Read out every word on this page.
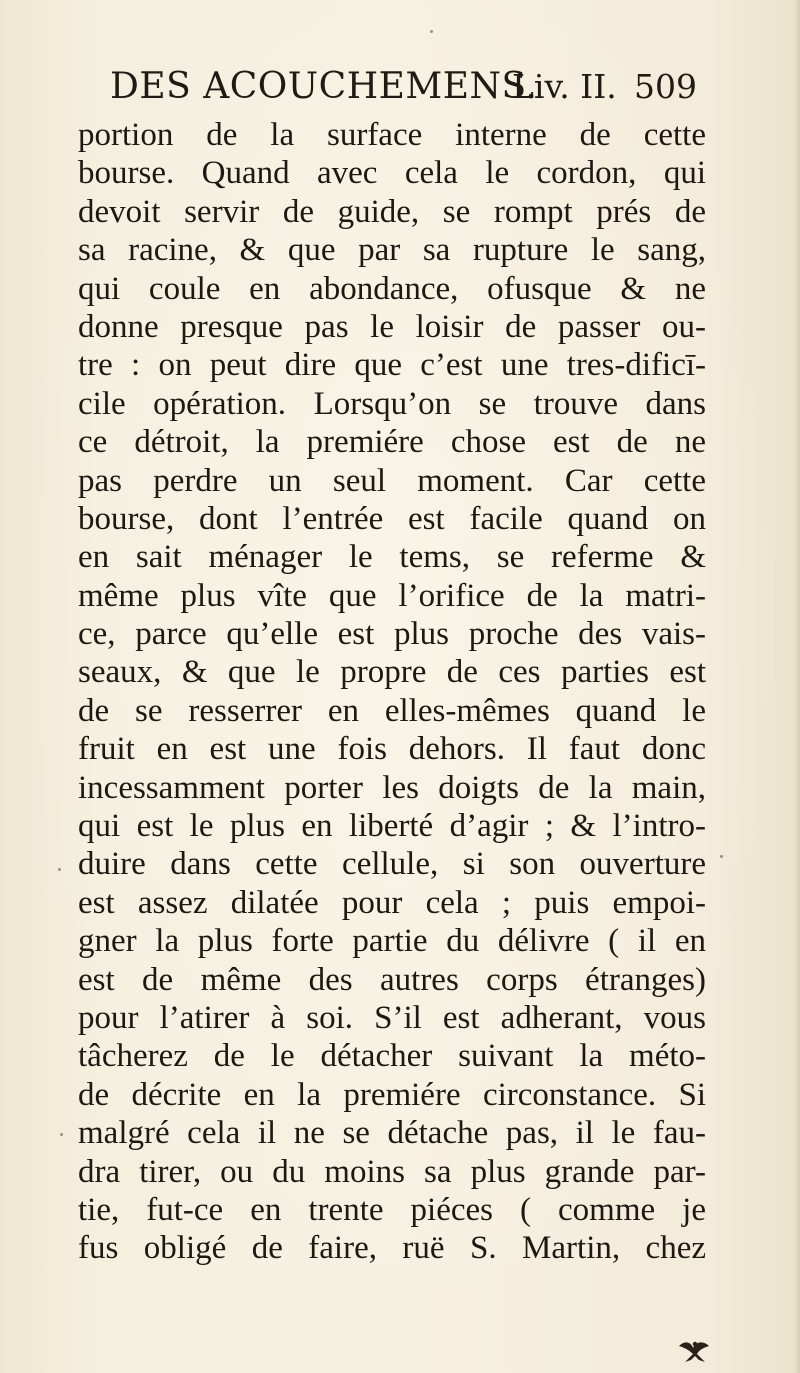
DES ACOUCHEMENS.
Liv. II. 509
portion de la surface interne de cette
bourse. Quand avec cela le cordon, qui
devoit servir de guide, se rompt prés de
sa racine, & que par sa rupture le sang,
qui coule en abondance, ofusque & ne
donne presque pas le loisir de passer ou-
tre : on peut dire que c’est une tres-dificī-
cile opération. Lorsqu’on se trouve dans
ce détroit, la premiére chose est de ne
pas perdre un seul moment. Car cette
bourse, dont l’entrée est facile quand on
en sait ménager le tems, se referme &
même plus vîte que l’orifice de la matri-
ce, parce qu’elle est plus proche des vais-
seaux, & que le propre de ces parties est
de se resserrer en elles-mêmes quand le
fruit en est une fois dehors. Il faut donc
incessamment porter les doigts de la main,
qui est le plus en liberté d’agir ; & l’intro-
duire dans cette cellule, si son ouverture
est assez dilatée pour cela ; puis empoi-
gner la plus forte partie du délivre ( il en
est de même des autres corps étranges)
pour l’atirer à soi. S’il est adherant, vous
tâcherez de le détacher suivant la méto-
de décrite en la premiére circonstance. Si
malgré cela il ne se détache pas, il le fau-
dra tirer, ou du moins sa plus grande par-
tie, fut-ce en trente piéces ( comme je
fus obligé de faire, ruë S. Martin, chez
